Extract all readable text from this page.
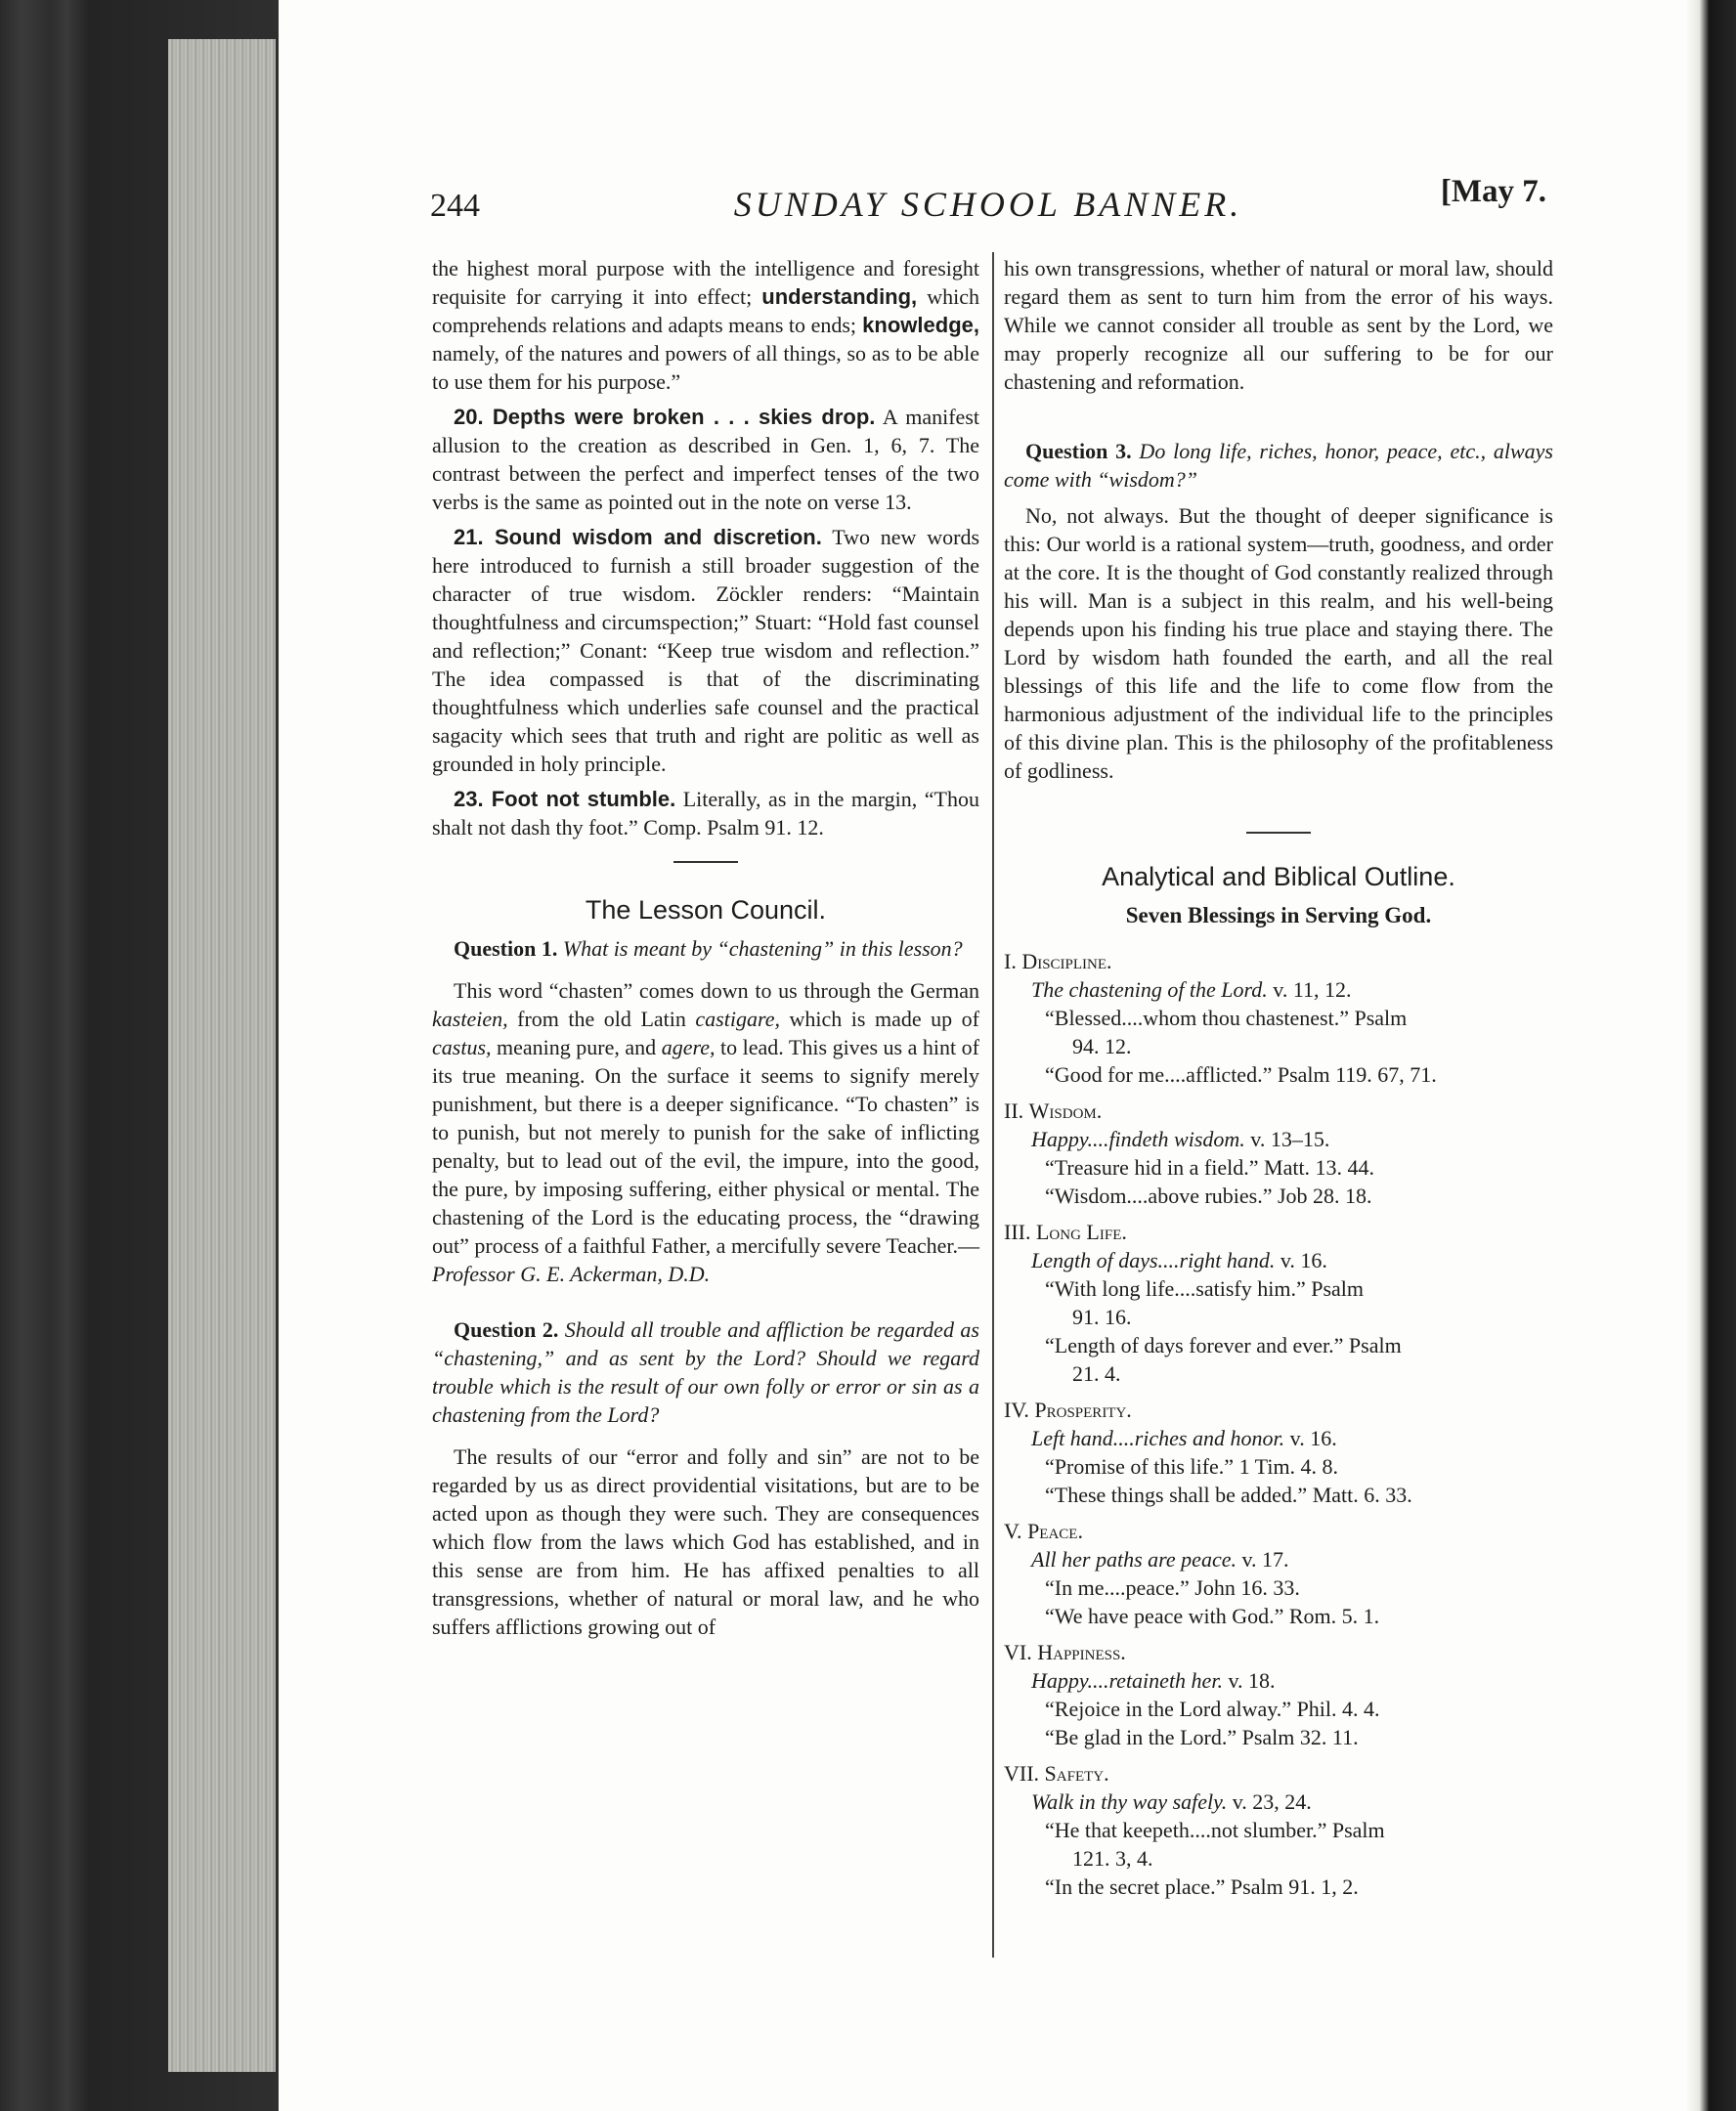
244	SUNDAY SCHOOL BANNER.	[May 7.

the highest moral purpose with the intelligence and foresight requisite for carrying it into effect; understanding, which comprehends relations and adapts means to ends; knowledge, namely, of the natures and powers of all things, so as to be able to use them for his purpose.”

20. Depths were broken . . . skies drop. A manifest allusion to the creation as described in Gen. 1, 6, 7. The contrast between the perfect and imperfect tenses of the two verbs is the same as pointed out in the note on verse 13.

21. Sound wisdom and discretion. Two new words here introduced to furnish a still broader suggestion of the character of true wisdom. Zöckler renders: “Maintain thoughtfulness and circumspection;” Stuart: “Hold fast counsel and reflection;” Conant: “Keep true wisdom and reflection.” The idea compassed is that of the discriminating thoughtfulness which underlies safe counsel and the practical sagacity which sees that truth and right are politic as well as grounded in holy principle.

23. Foot not stumble. Literally, as in the margin, “Thou shalt not dash thy foot.” Comp. Psalm 91. 12.

The Lesson Council.

Question 1. What is meant by “chastening” in this lesson?

This word “chasten” comes down to us through the German kasteien, from the old Latin castigare, which is made up of castus, meaning pure, and agere, to lead. This gives us a hint of its true meaning. On the surface it seems to signify merely punishment, but there is a deeper significance. “To chasten” is to punish, but not merely to punish for the sake of inflicting penalty, but to lead out of the evil, the impure, into the good, the pure, by imposing suffering, either physical or mental. The chastening of the Lord is the educating process, the “drawing out” process of a faithful Father, a mercifully severe Teacher.—Professor G. E. Ackerman, D.D.

Question 2. Should all trouble and affliction be regarded as “chastening,” and as sent by the Lord? Should we regard trouble which is the result of our own folly or error or sin as a chastening from the Lord?

The results of our “error and folly and sin” are not to be regarded by us as direct providential visitations, but are to be acted upon as though they were such. They are consequences which flow from the laws which God has established, and in this sense are from him. He has affixed penalties to all transgressions, whether of natural or moral law, and he who suffers afflictions growing out of

his own transgressions, whether of natural or moral law, should regard them as sent to turn him from the error of his ways. While we cannot consider all trouble as sent by the Lord, we may properly recognize all our suffering to be for our chastening and reformation.

Question 3. Do long life, riches, honor, peace, etc., always come with “wisdom?”

No, not always. But the thought of deeper significance is this: Our world is a rational system—truth, goodness, and order at the core. It is the thought of God constantly realized through his will. Man is a subject in this realm, and his well-being depends upon his finding his true place and staying there. The Lord by wisdom hath founded the earth, and all the real blessings of this life and the life to come flow from the harmonious adjustment of the individual life to the principles of this divine plan. This is the philosophy of the profitableness of godliness.

Analytical and Biblical Outline.
Seven Blessings in Serving God.

I. Discipline.

The chastening of the Lord. v. 11, 12.

“Blessed....whom thou chastenest.” Psalm

94. 12.

“Good for me....afflicted.” Psalm 119. 67, 71.

II. Wisdom.

Happy....findeth wisdom. v. 13–15.

“Treasure hid in a field.” Matt. 13. 44.

“Wisdom....above rubies.” Job 28. 18.

III. Long Life.

Length of days....right hand. v. 16.

“With long life....satisfy him.” Psalm

91. 16.

“Length of days forever and ever.” Psalm

21. 4.

IV. Prosperity.

Left hand....riches and honor. v. 16.

“Promise of this life.” 1 Tim. 4. 8.

“These things shall be added.” Matt. 6. 33.

V. Peace.

All her paths are peace. v. 17.

“In me....peace.” John 16. 33.

“We have peace with God.” Rom. 5. 1.

VI. Happiness.

Happy....retaineth her. v. 18.

“Rejoice in the Lord alway.” Phil. 4. 4.

“Be glad in the Lord.” Psalm 32. 11.

VII. Safety.

Walk in thy way safely. v. 23, 24.

“He that keepeth....not slumber.” Psalm

121. 3, 4.

“In the secret place.” Psalm 91. 1, 2.
